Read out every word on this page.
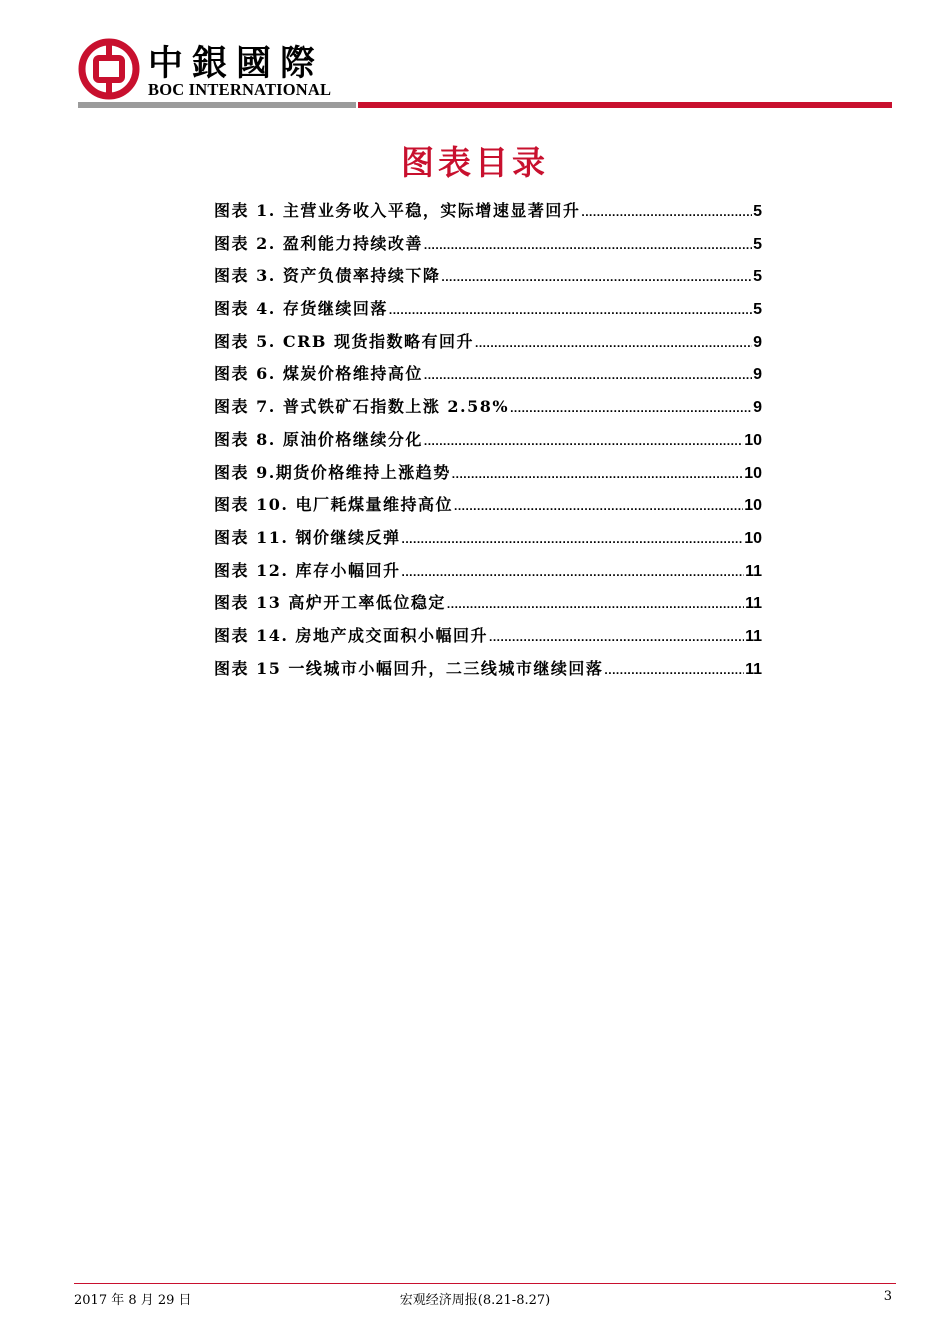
中銀國際
BOC INTERNATIONAL
图表目录
图表 1. 主营业务收入平稳，实际增速显著回升 .....	5
图表 2. 盈利能力持续改善 .....	5
图表 3. 资产负债率持续下降 .....	5
图表 4. 存货继续回落 .....	5
图表 5. CRB 现货指数略有回升 .....	9
图表 6. 煤炭价格维持高位 .....	9
图表 7. 普式铁矿石指数上涨 2.58% .....	9
图表 8. 原油价格继续分化 .....	10
图表 9.期货价格维持上涨趋势 .....	10
图表 10. 电厂耗煤量维持高位 .....	10
图表 11. 钢价继续反弹 .....	10
图表 12. 库存小幅回升 .....	11
图表 13 高炉开工率低位稳定 .....	11
图表 14. 房地产成交面积小幅回升 .....	11
图表 15 一线城市小幅回升，二三线城市继续回落 .....	11
2017 年 8 月 29 日	宏观经济周报(8.21-8.27)	3
